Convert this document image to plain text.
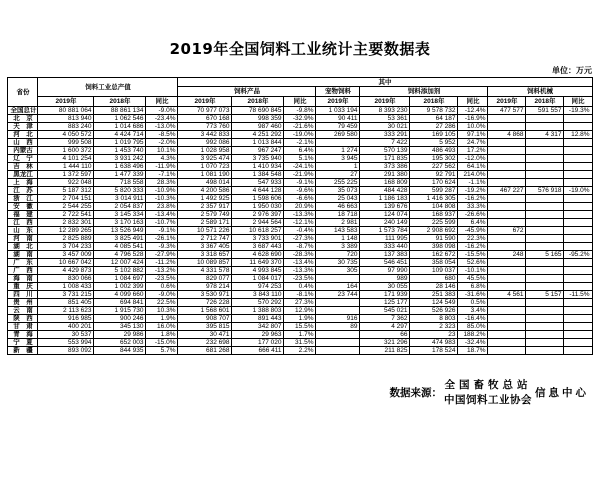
2019年全国饲料工业统计主要数据表
单位：万元
省份	饲料工业总产值			其中									
				饲料产品			宠物饲料	饲料添加剂			饲料机械		
	2019年	2018年	同比	2019年	2018年	同比	2019年	2019年	2018年	同比	2019年	2018年	同比
全国总计	80 881 064	88 861 134	-9.0%	70 977 073	78 690 845	-9.8%	1 033 194	8 393 230	9 578 732	-12.4%	477 577	591 557	-19.3%
北　京	813 940	1 062 546	-23.4%	670 168	998 359	-32.9%	90 411	53 361	64 187	-16.9%			
天　津	883 240	1 014 686	-13.0%	773 760	987 460	-21.6%	79 459	30 021	27 286	10.0%			
河　北	4 050 572	4 424 714	-8.5%	3 442 833	4 251 292	-19.0%	269 580	333 291	169 105	97.1%	4 868	4 317	12.8%
山　西	999 508	1 019 795	-2.0%	992 086	1 013 844	-2.1%		7 422	5 952	24.7%			
内蒙古	1 600 372	1 453 740	10.1%	1 028 958	967 247	6.4%	1 274	570 139	486 493	17.2%			
辽　宁	4 101 254	3 931 242	4.3%	3 925 474	3 735 940	5.1%	3 945	171 835	195 302	-12.0%			
吉　林	1 444 110	1 638 496	-11.9%	1 070 723	1 410 934	-24.1%	1	373 386	227 562	64.1%			
黑龙江	1 372 597	1 477 339	-7.1%	1 081 190	1 384 548	-21.9%	27	291 380	92 791	214.0%			
上　海	922 048	718 558	28.3%	498 014	547 933	-9.1%	255 225	168 809	170 624	-1.1%			
江　苏	5 187 312	5 820 333	-10.9%	4 200 586	4 644 128	-9.6%	35 073	484 428	599 287	-19.2%	467 227	576 918	-19.0%
浙　江	2 704 151	3 014 911	-10.3%	1 492 925	1 598 606	-6.6%	25 043	1 186 183	1 416 305	-16.2%			
安　徽	2 544 255	2 054 837	23.8%	2 357 917	1 950 030	20.9%	46 663	139 676	104 808	33.3%			
福　建	2 722 541	3 145 334	-13.4%	2 579 749	2 976 397	-13.3%	18 718	124 074	168 937	-26.6%			
江　西	2 832 301	3 170 163	-10.7%	2 589 171	2 944 564	-12.1%	2 981	240 149	225 599	6.4%			
山　东	12 289 265	13 526 949	-9.1%	10 571 226	10 618 257	-0.4%	143 583	1 573 784	2 908 692	-45.9%	672		
河　南	2 825 889	3 825 491	-26.1%	2 712 747	3 733 901	-27.3%	1 148	111 995	91 590	22.3%			
湖　北	3 704 233	4 085 541	-9.3%	3 367 405	3 687 443	-8.7%	3 389	333 440	398 098	-16.2%			
湖　南	3 457 009	4 796 528	-27.9%	3 318 657	4 628 690	-28.3%	720	137 383	162 672	-15.5%	248	5 165	-95.2%
广　东	10 667 042	12 007 424	-11.2%	10 089 857	11 649 370	-13.4%	30 735	546 451	358 054	52.6%			
广　西	4 429 873	5 102 882	-13.2%	4 331 578	4 993 845	-13.3%	305	97 990	109 037	-10.1%			
海　南	830 066	1 084 697	-23.5%	829 077	1 084 017	-23.5%		989	680	45.5%			
重　庆	1 008 433	1 002 399	0.6%	978 214	974 253	0.4%	164	30 055	28 146	6.8%			
四　川	3 731 215	4 099 660	-9.0%	3 530 971	3 843 110	-8.1%	23 744	171 939	251 383	-31.6%	4 561	5 157	-11.5%
贵　州	851 405	694 841	22.5%	726 228	570 292	27.3%		125 177	124 549	0.5%			
云　南	2 113 623	1 915 730	10.3%	1 568 601	1 388 803	12.9%		545 021	526 926	3.4%			
陕　西	916 985	900 246	1.9%	908 707	891 443	1.9%	916	7 362	8 803	-16.4%			
甘　肃	400 201	345 130	16.0%	395 815	342 807	15.5%	89	4 297	2 323	85.0%			
青　海	30 537	29 986	1.8%	30 471	29 963	1.7%		66	23	188.2%			
宁　夏	553 994	652 003	-15.0%	232 698	177 020	31.5%		321 296	474 983	-32.4%			
新　疆	893 092	844 935	5.7%	681 268	666 411	2.2%		211 825	178 524	18.7%			
数据来源：
全国畜牧总站
中国饲料工业协会
信息中心
